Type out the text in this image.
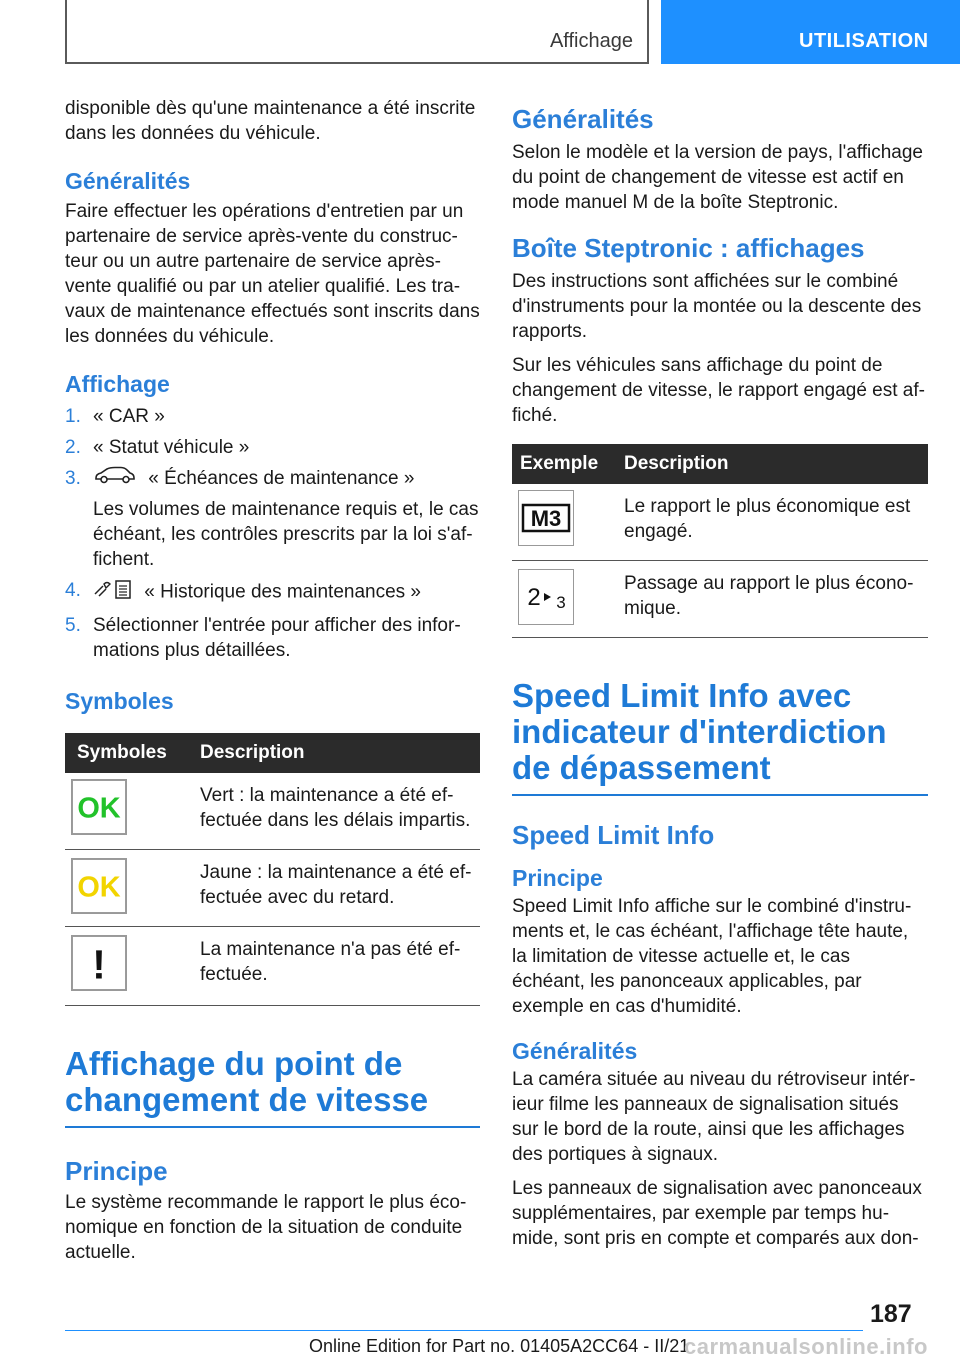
Affichage	UTILISATION

disponible dès qu'une maintenance a été inscrite dans les données du véhicule.

Généralités

Faire effectuer les opérations d'entretien par un partenaire de service après-vente du construc-teur ou un autre partenaire de service après-vente qualifié ou par un atelier qualifié. Les tra-vaux de maintenance effectués sont inscrits dans les données du véhicule.

Affichage
1. « CAR »
2. « Statut véhicule »
3.	« Échéances de maintenance »
Les volumes de maintenance requis et, le cas échéant, les contrôles prescrits par la loi s'af-fichent.
4.	« Historique des maintenances »
5. Sélectionner l'entrée pour afficher des infor-mations plus détaillées.
Symboles
Symboles	Description

OK	Vert : la maintenance a été ef-fectuée dans les délais impartis.

OK	Jaune : la maintenance a été ef-fectuée avec du retard.

!	La maintenance n'a pas été ef-fectuée.
Affichage du point de changement de vitesse
Principe

Le système recommande le rapport le plus éco-nomique en fonction de la situation de conduite actuelle.

Généralités

Selon le modèle et la version de pays, l'affichage du point de changement de vitesse est actif en mode manuel M de la boîte Steptronic.

Boîte Steptronic : affichages

Des instructions sont affichées sur le combiné d'instruments pour la montée ou la descente des rapports.

Sur les véhicules sans affichage du point de changement de vitesse, le rapport engagé est af-fiché.

Exemple	Description

M3	Le rapport le plus économique est engagé.

2 3	Passage au rapport le plus écono-mique.
Speed Limit Info avec indicateur d'interdiction de dépassement
Speed Limit Info
Principe

Speed Limit Info affiche sur le combiné d'instru-ments et, le cas échéant, l'affichage tête haute, la limitation de vitesse actuelle et, le cas échéant, les panonceaux applicables, par exemple en cas d'humidité.

Généralités

La caméra située au niveau du rétroviseur intér-ieur filme les panneaux de signalisation situés sur le bord de la route, ainsi que les affichages des portiques à signaux.

Les panneaux de signalisation avec panonceaux supplémentaires, par exemple par temps hu-mide, sont pris en compte et comparés aux don-

187
Online Edition for Part no. 01405A2CC64 - II/21
carmanualsonline.info
